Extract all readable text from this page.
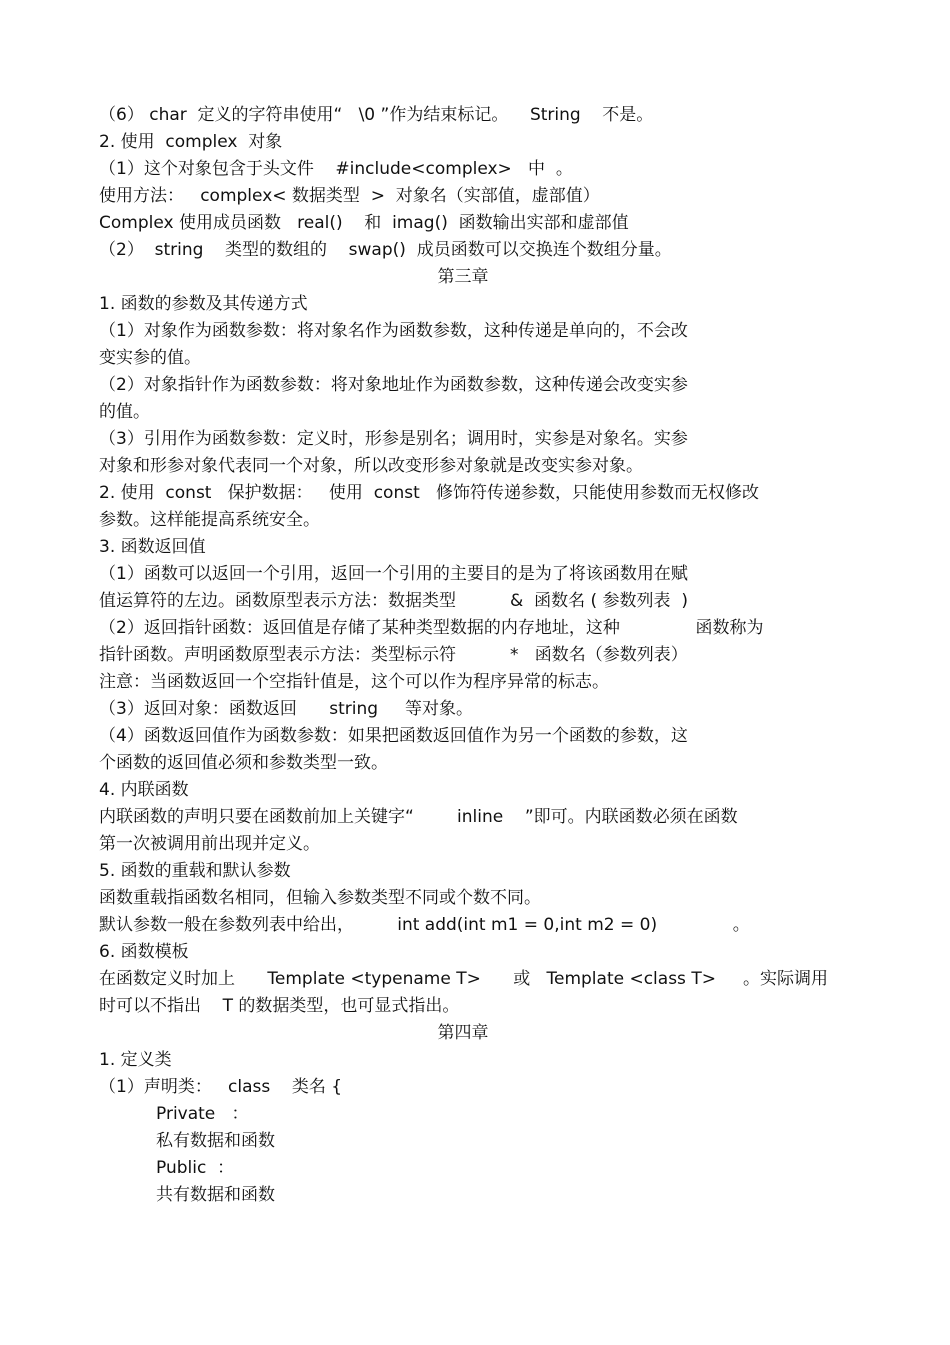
（6） char  定义的字符串使用“   \0 ”作为结束标记。    String    不是。
2. 使用  complex  对象
（1）这个对象包含于头文件    #include<complex>   中  。
使用方法：   complex< 数据类型  >  对象名（实部值，虚部值）
Complex 使用成员函数   real()    和  imag()  函数输出实部和虚部值
（2）  string    类型的数组的    swap()  成员函数可以交换连个数组分量。
第三章
1. 函数的参数及其传递方式
（1）对象作为函数参数：将对象名作为函数参数，这种传递是单向的，不会改
变实参的值。
（2）对象指针作为函数参数：将对象地址作为函数参数，这种传递会改变实参
的值。
（3）引用作为函数参数：定义时，形参是别名；调用时，实参是对象名。实参
对象和形参对象代表同一个对象，所以改变形参对象就是改变实参对象。
2. 使用  const   保护数据：   使用  const   修饰符传递参数，只能使用参数而无权修改
参数。这样能提高系统安全。
3. 函数返回值
（1）函数可以返回一个引用，返回一个引用的主要目的是为了将该函数用在赋
值运算符的左边。函数原型表示方法：数据类型          &  函数名 ( 参数列表  )
（2）返回指针函数：返回值是存储了某种类型数据的内存地址，这种              函数称为
指针函数。声明函数原型表示方法：类型标示符          *   函数名（参数列表）
注意：当函数返回一个空指针值是，这个可以作为程序异常的标志。
（3）返回对象：函数返回      string     等对象。
（4）函数返回值作为函数参数：如果把函数返回值作为另一个函数的参数，这
个函数的返回值必须和参数类型一致。
4. 内联函数
内联函数的声明只要在函数前加上关键字“        inline    ”即可。内联函数必须在函数
第一次被调用前出现并定义。
5. 函数的重载和默认参数
函数重载指函数名相同，但输入参数类型不同或个数不同。
默认参数一般在参数列表中给出，        int add(int m1 = 0,int m2 = 0)              。
6. 函数模板
在函数定义时加上      Template <typename T>      或   Template <class T>     。实际调用
时可以不指出    T 的数据类型，也可显式指出。
第四章
1. 定义类
（1）声明类：   class    类名 {
Private   ：
私有数据和函数
Public  ：
共有数据和函数
